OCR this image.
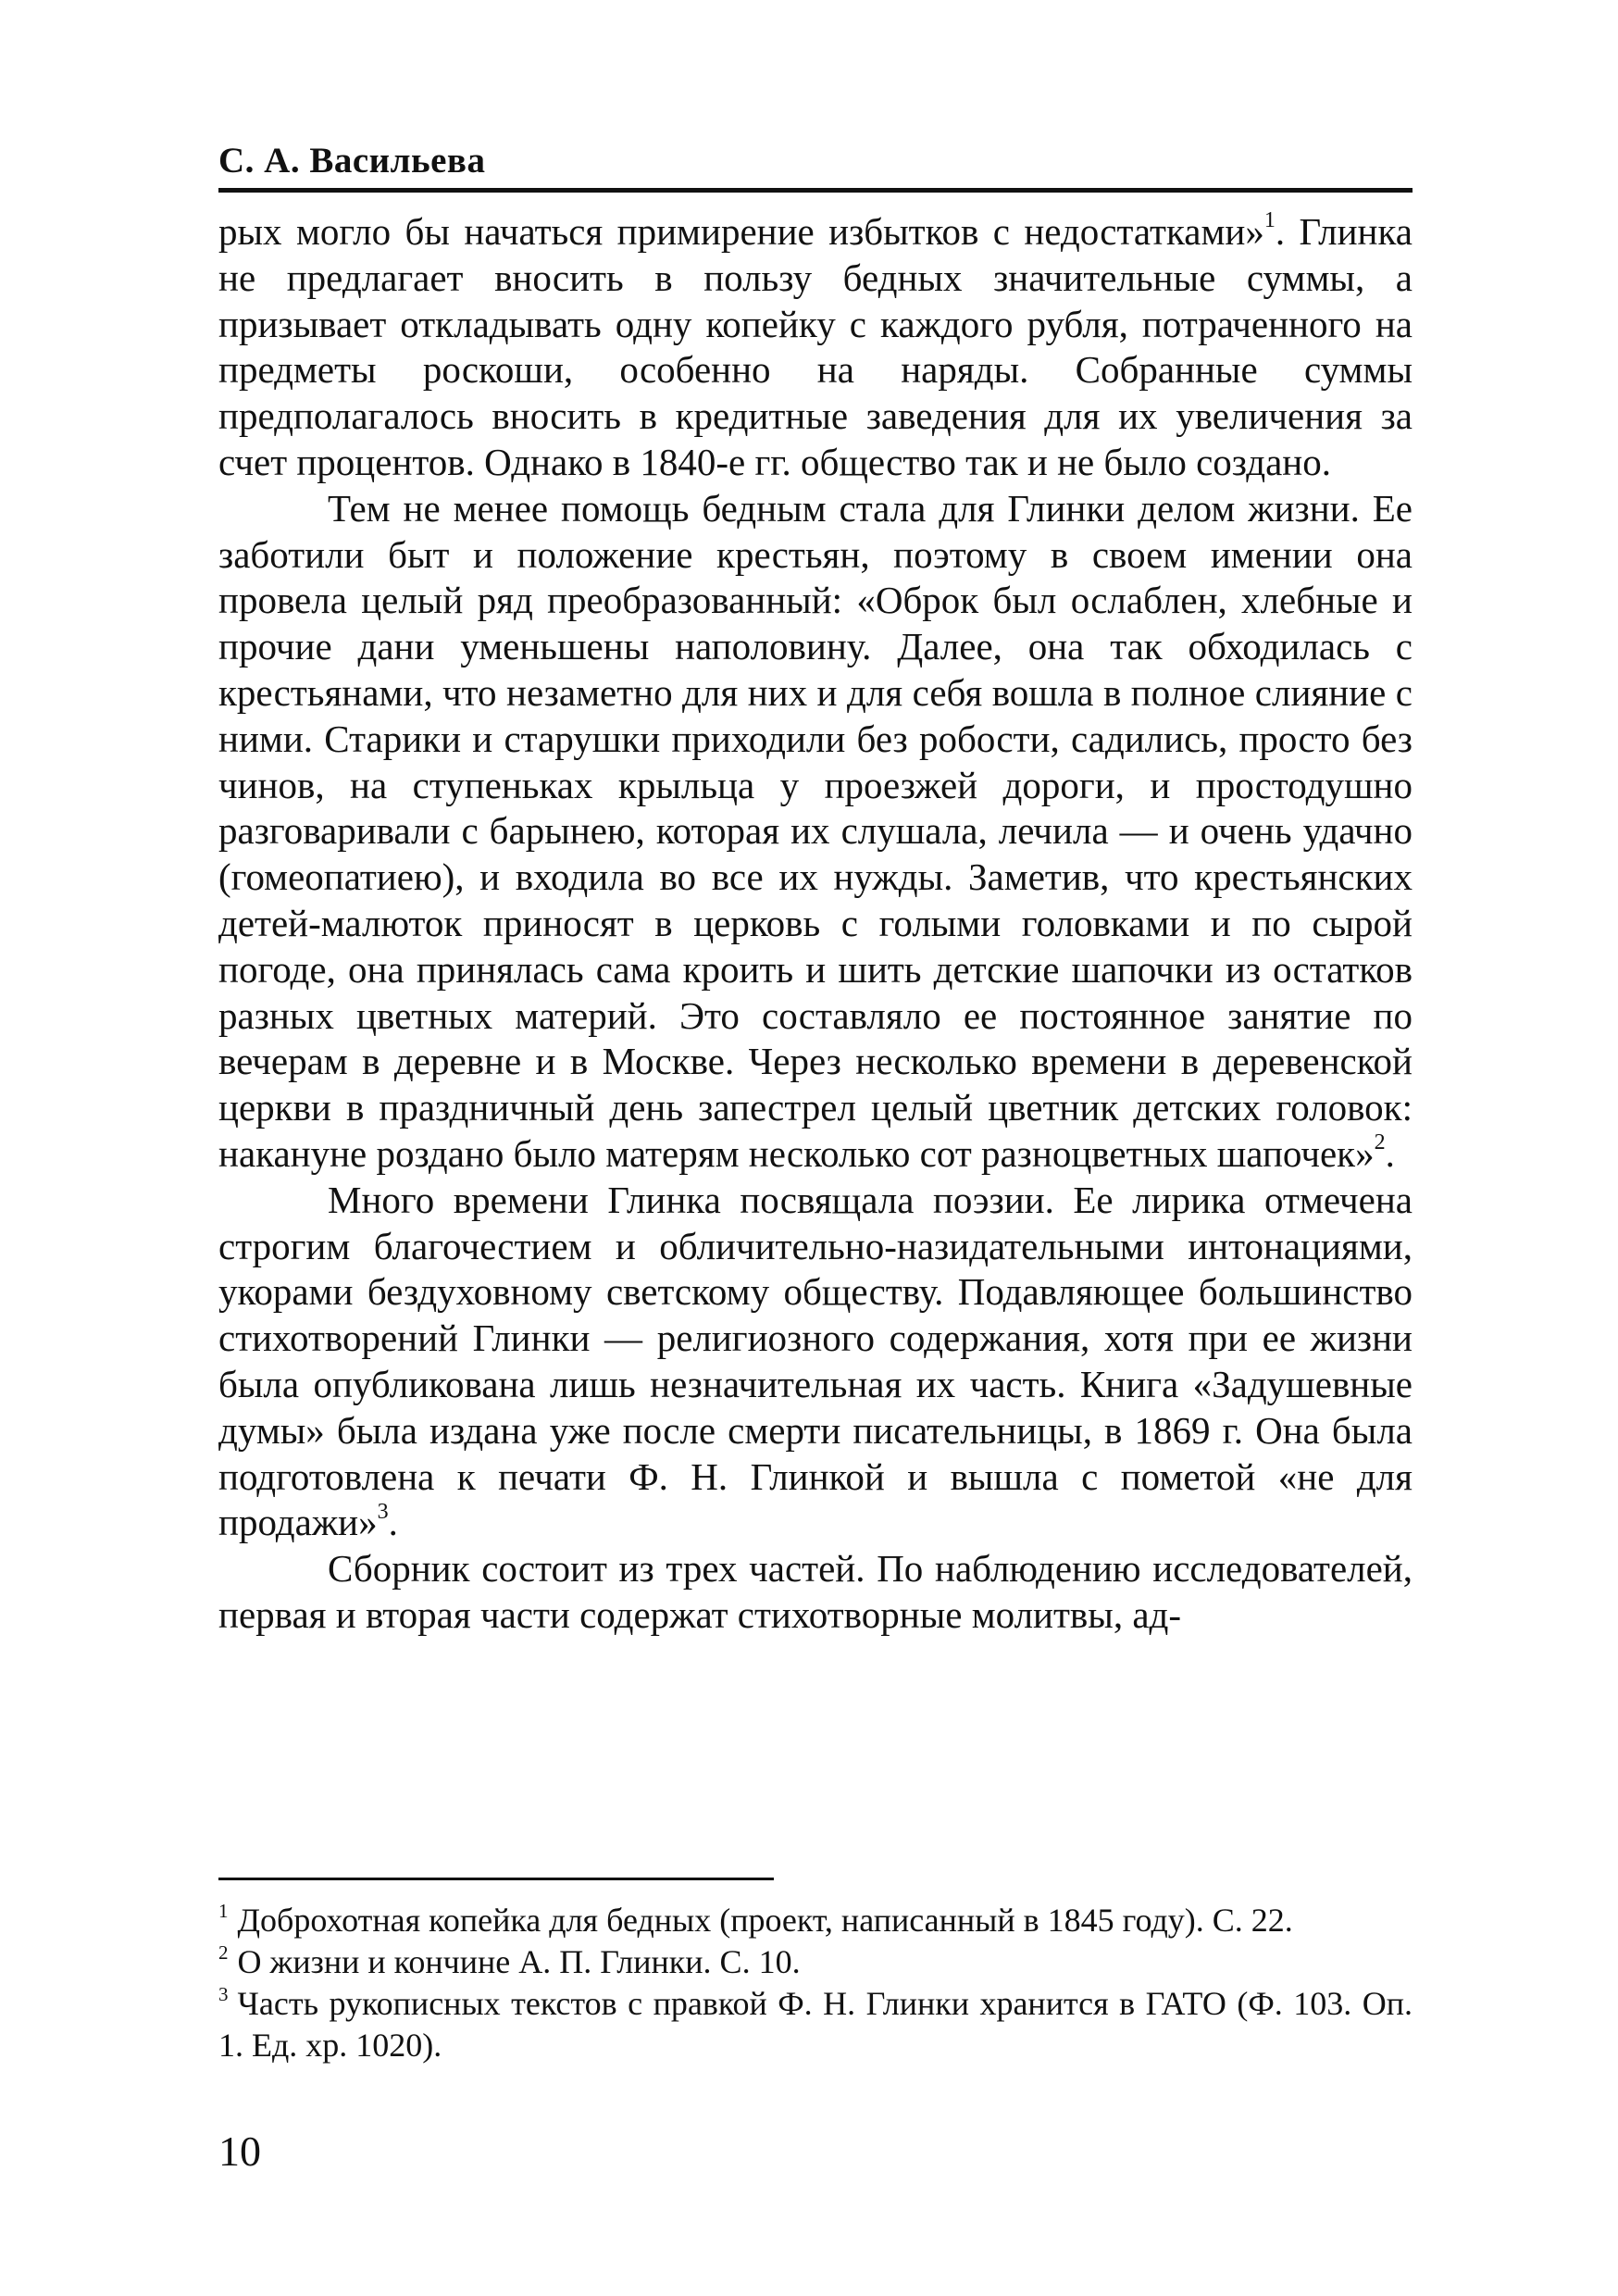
С. А. Васильева

рых могло бы начаться примирение избытков с недостатками»$^1$. Глинка не предлагает вносить в пользу бедных значительные суммы, а призывает откладывать одну копейку с каждого рубля, потраченного на предметы роскоши, особенно на наряды. Собранные суммы предполагалось вносить в кредитные заведения для их увеличения за счет процентов. Однако в 1840-е гг. общество так и не было создано.

Тем не менее помощь бедным стала для Глинки делом жизни. Ее заботили быт и положение крестьян, поэтому в своем имении она провела целый ряд преобразованный: «Оброк был ослаблен, хлебные и прочие дани уменьшены наполовину. Далее, она так обходилась с крестьянами, что незаметно для них и для себя вошла в полное слияние с ними. Старики и старушки приходили без робости, садились, просто без чинов, на ступеньках крыльца у проезжей дороги, и простодушно разговаривали с барынею, которая их слушала, лечила — и очень удачно (гомеопатиею), и входила во все их нужды. Заметив, что крестьянских детей-малюток приносят в церковь с голыми головками и по сырой погоде, она принялась сама кроить и шить детские шапочки из остатков разных цветных материй. Это составляло ее постоянное занятие по вечерам в деревне и в Москве. Через несколько времени в деревенской церкви в праздничный день запестрел целый цветник детских головок: накануне роздано было матерям несколько сот разноцветных шапочек»$^2$.

Много времени Глинка посвящала поэзии. Ее лирика отмечена строгим благочестием и обличительно-назидательными интонациями, укорами бездуховному светскому обществу. Подавляющее большинство стихотворений Глинки — религиозного содержания, хотя при ее жизни была опубликована лишь незначительная их часть. Книга «Задушевные думы» была издана уже после смерти писательницы, в 1869 г. Она была подготовлена к печати Ф. Н. Глинкой и вышла с пометой «не для продажи»$^3$.

Сборник состоит из трех частей. По наблюдению исследователей, первая и вторая части содержат стихотворные молитвы, ад-

$^1$ Доброхотная копейка для бедных (проект, написанный в 1845 году). С. 22.

$^2$ О жизни и кончине А. П. Глинки. С. 10.

$^3$ Часть рукописных текстов с правкой Ф. Н. Глинки хранится в ГАТО (Ф. 103. Оп. 1. Ед. хр. 1020).

10
